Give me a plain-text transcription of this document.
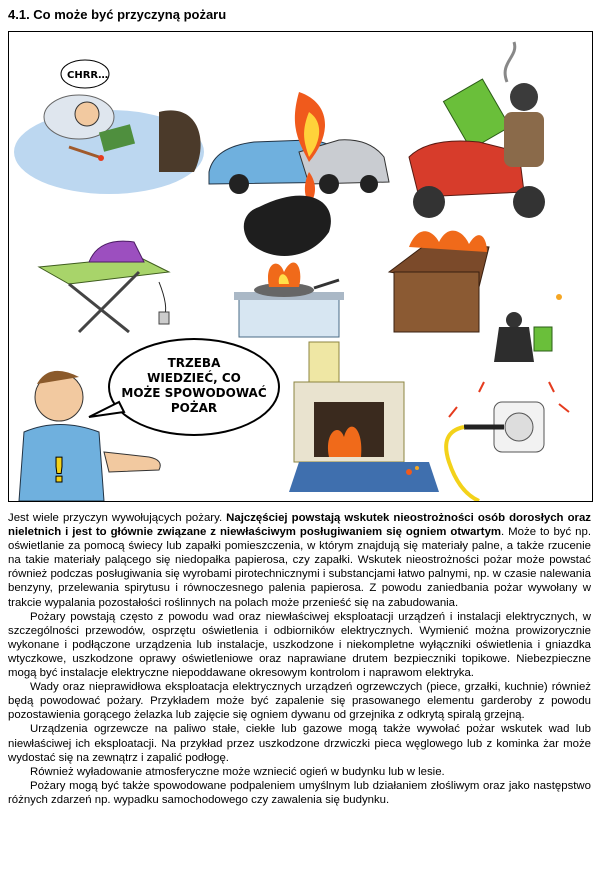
4.1. Co może być przyczyną pożaru
CHRR…
TRZEBA
WIEDZIEĆ, CO
MOŻE SPOWODOWAĆ
POŻAR
!

Jest wiele przyczyn wywołujących pożary. Najczęściej powstają wskutek nieostrożności osób dorosłych oraz nieletnich i jest to głównie związane z niewłaściwym posługiwaniem się ogniem otwartym. Może to być np. oświetlanie za pomocą świecy lub zapałki pomieszczenia, w którym znajdują się materiały palne, a także rzucenie na takie materiały palącego się niedopałka papierosa, czy zapałki. Wskutek nieostrożności pożar może powstać również podczas posługiwania się wyrobami pirotechnicznymi i substancjami łatwo palnymi, np. w czasie nalewania benzyny, przelewania spirytusu i równoczesnego palenia papierosa. Z powodu zaniedbania pożar wywołany w trakcie wypalania pozostałości roślinnych na polach może przenieść się na zabudowania.

Pożary powstają często z powodu wad oraz niewłaściwej eksploatacji urządzeń i instalacji elektrycznych, w szczególności przewodów, osprzętu oświetlenia i odbiorników elektrycznych. Wymienić można prowizorycznie wykonane i podłączone urządzenia lub instalacje, uszkodzone i niekompletne wyłączniki oświetlenia i gniazdka wtyczkowe, uszkodzone oprawy oświetleniowe oraz naprawiane drutem bezpieczniki topikowe. Niebezpieczne mogą być instalacje elektryczne niepoddawane okresowym kontrolom i naprawom elektryka.

Wady oraz nieprawidłowa eksploatacja elektrycznych urządzeń ogrzewczych (piece, grzałki, kuchnie) również będą powodować pożary. Przykładem może być zapalenie się prasowanego elementu garderoby z powodu pozostawienia gorącego żelazka lub zajęcie się ogniem dywanu od grzejnika z odkrytą spiralą grzejną.

Urządzenia ogrzewcze na paliwo stałe, ciekłe lub gazowe mogą także wywołać pożar wskutek wad lub niewłaściwej ich eksploatacji. Na przykład przez uszkodzone drzwiczki pieca węglowego lub z kominka żar może wydostać się na zewnątrz i zapalić podłogę.

Również wyładowanie atmosferyczne może wzniecić ogień w budynku lub w lesie.

Pożary mogą być także spowodowane podpaleniem umyślnym lub działaniem złośliwym oraz jako następstwo różnych zdarzeń np. wypadku samochodowego czy zawalenia się budynku.
